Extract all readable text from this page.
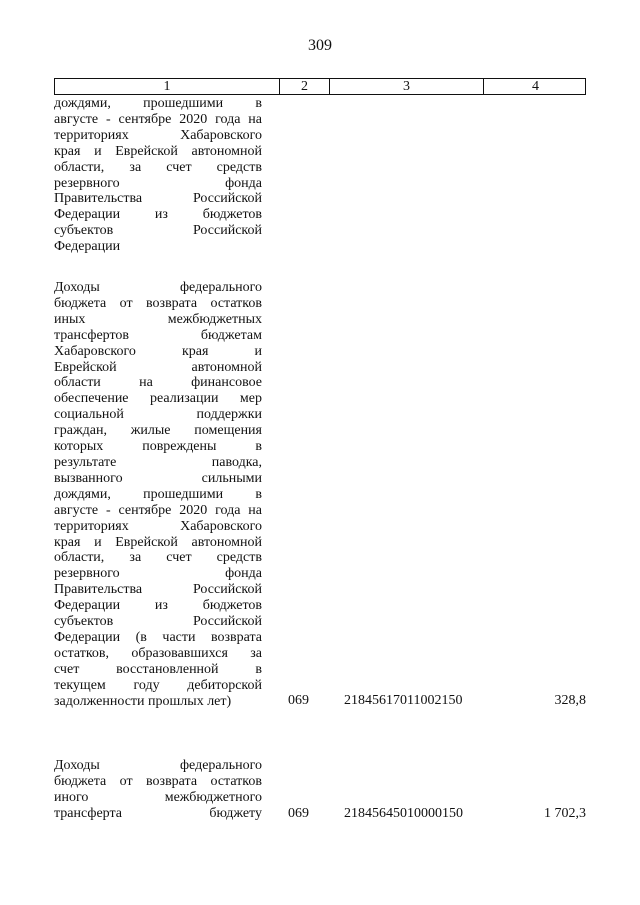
309
1	2	3	4
дождями, прошедшими в
августе - сентябре 2020 года на
территориях Хабаровского
края и Еврейской автономной
области, за счет средств
резервного фонда
Правительства Российской
Федерации из бюджетов
субъектов Российской
Федерации
Доходы федерального
бюджета от возврата остатков
иных межбюджетных
трансфертов бюджетам
Хабаровского края и
Еврейской автономной
области на финансовое
обеспечение реализации мер
социальной поддержки
граждан, жилые помещения
которых повреждены в
результате паводка,
вызванного сильными
дождями, прошедшими в
августе - сентябре 2020 года на
территориях Хабаровского
края и Еврейской автономной
области, за счет средств
резервного фонда
Правительства Российской
Федерации из бюджетов
субъектов Российской
Федерации (в части возврата
остатков, образовавшихся за
счет восстановленной в
текущем году дебиторской
задолженности прошлых лет)	069	21845617011002150	328,8
Доходы федерального
бюджета от возврата остатков
иного межбюджетного
трансферта бюджету 069	21845645010000150	1 702,3
